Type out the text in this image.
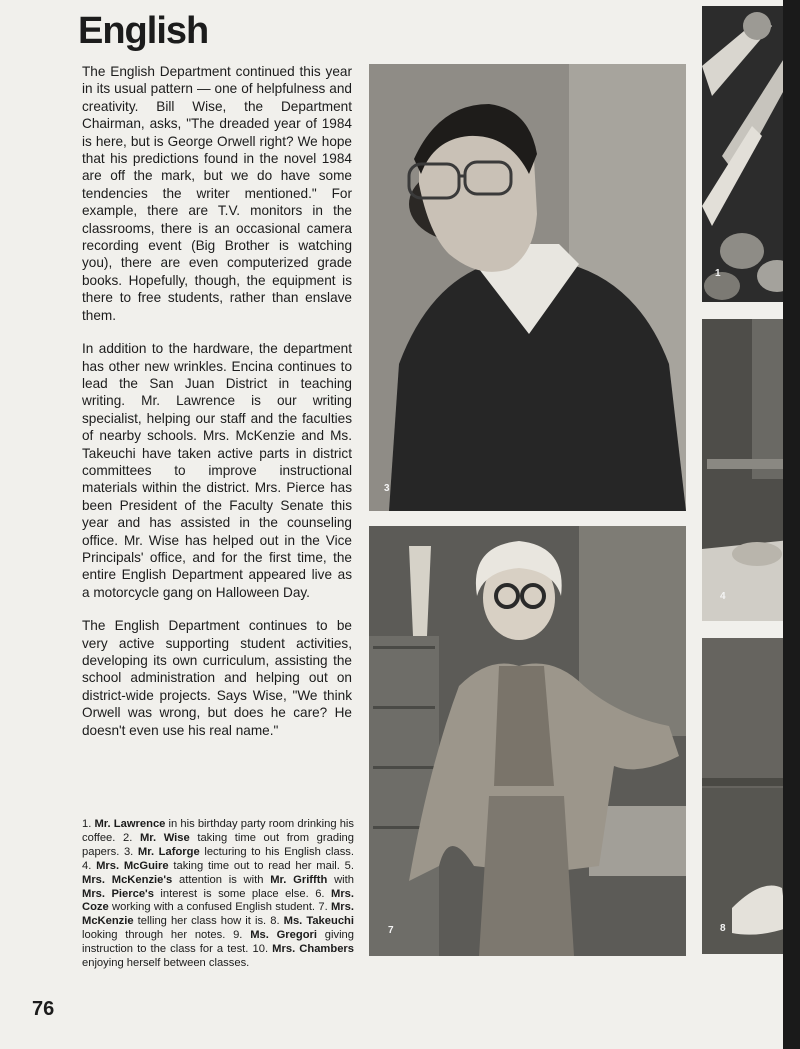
English

The English Department continued this year in its usual pattern — one of helpfulness and creativity. Bill Wise, the Department Chairman, asks, "The dreaded year of 1984 is here, but is George Orwell right? We hope that his predictions found in the novel 1984 are off the mark, but we do have some tendencies the writer mentioned." For example, there are T.V. monitors in the classrooms, there is an occasional camera recording event (Big Brother is watching you), there are even computerized grade books. Hopefully, though, the equipment is there to free students, rather than enslave them.

In addition to the hardware, the department has other new wrinkles. Encina continues to lead the San Juan District in teaching writing. Mr. Lawrence is our writing specialist, helping our staff and the faculties of nearby schools. Mrs. McKenzie and Ms. Takeuchi have taken active parts in district committees to improve instructional materials within the district. Mrs. Pierce has been President of the Faculty Senate this year and has assisted in the counseling office. Mr. Wise has helped out in the Vice Principals' office, and for the first time, the entire English Department appeared live as a motorcycle gang on Halloween Day.

The English Department continues to be very active supporting student activities, developing its own curriculum, assisting the school administration and helping out on district-wide projects. Says Wise, "We think Orwell was wrong, but does he care? He doesn't even use his real name."

1. Mr. Lawrence in his birthday party room drinking his coffee. 2. Mr. Wise taking time out from grading papers. 3. Mr. Laforge lecturing to his English class. 4. Mrs. McGuire taking time out to read her mail. 5. Mrs. McKenzie's attention is with Mr. Griffth with Mrs. Pierce's interest is some place else. 6. Mrs. Coze working with a confused English student. 7. Mrs. McKenzie telling her class how it is. 8. Ms. Takeuchi looking through her notes. 9. Ms. Gregori giving instruction to the class for a test. 10. Mrs. Chambers enjoying herself between classes.
76
3
7
1
4
8
